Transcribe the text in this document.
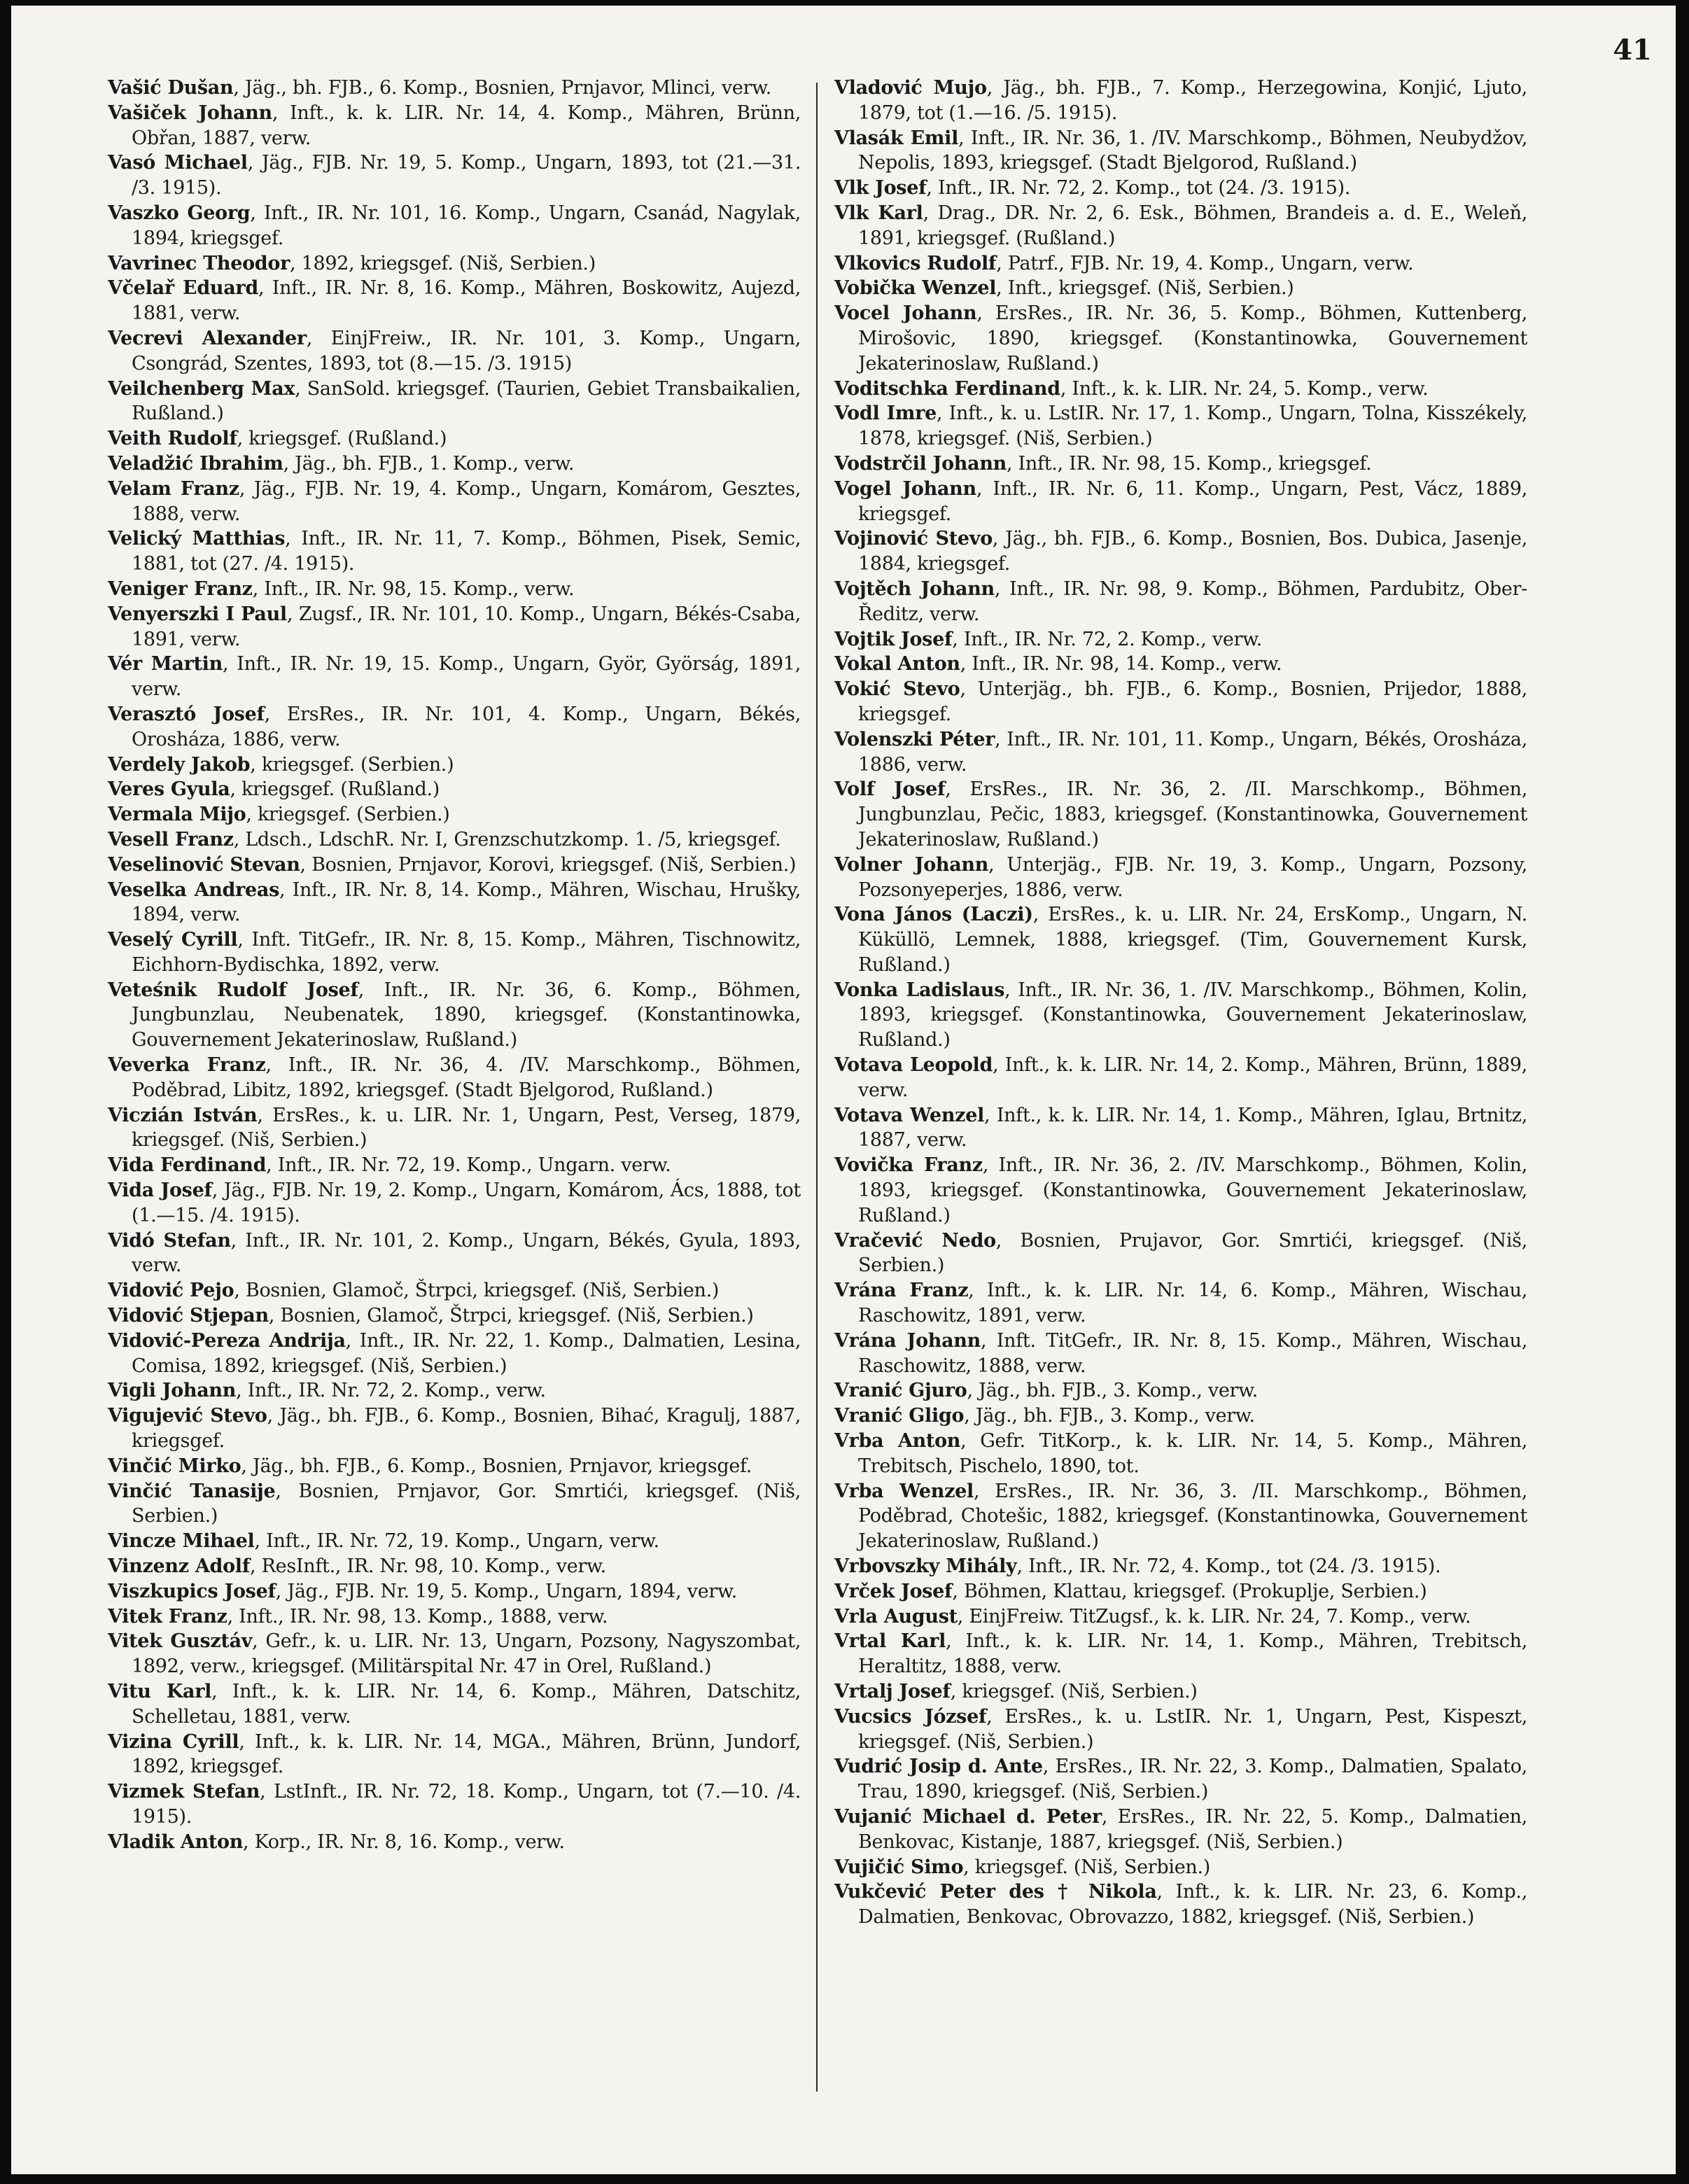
41

Vašić Dušan, Jäg., bh. FJB., 6. Komp., Bosnien, Prnjavor, Mlinci, verw.

Vašiček Johann, Inft., k. k. LIR. Nr. 14, 4. Komp., Mähren, Brünn, Obřan, 1887, verw.

Vasó Michael, Jäg., FJB. Nr. 19, 5. Komp., Ungarn, 1893, tot (21.—31. /3. 1915).

Vaszko Georg, Inft., IR. Nr. 101, 16. Komp., Ungarn, Csanád, Nagylak, 1894, kriegsgef.

Vavrinec Theodor, 1892, kriegsgef. (Niš, Serbien.)

Včelař Eduard, Inft., IR. Nr. 8, 16. Komp., Mähren, Boskowitz, Aujezd, 1881, verw.

Vecrevi Alexander, EinjFreiw., IR. Nr. 101, 3. Komp., Ungarn, Csongrád, Szentes, 1893, tot (8.—15. /3. 1915)

Veilchenberg Max, SanSold. kriegsgef. (Taurien, Gebiet Transbaikalien, Rußland.)

Veith Rudolf, kriegsgef. (Rußland.)

Veladžić Ibrahim, Jäg., bh. FJB., 1. Komp., verw.

Velam Franz, Jäg., FJB. Nr. 19, 4. Komp., Ungarn, Komárom, Gesztes, 1888, verw.

Velický Matthias, Inft., IR. Nr. 11, 7. Komp., Böhmen, Pisek, Semic, 1881, tot (27. /4. 1915).

Veniger Franz, Inft., IR. Nr. 98, 15. Komp., verw.

Venyerszki I Paul, Zugsf., IR. Nr. 101, 10. Komp., Ungarn, Békés-Csaba, 1891, verw.

Vér Martin, Inft., IR. Nr. 19, 15. Komp., Ungarn, Györ, Györság, 1891, verw.

Verasztó Josef, ErsRes., IR. Nr. 101, 4. Komp., Ungarn, Békés, Orosháza, 1886, verw.

Verdely Jakob, kriegsgef. (Serbien.)

Veres Gyula, kriegsgef. (Rußland.)

Vermala Mijo, kriegsgef. (Serbien.)

Vesell Franz, Ldsch., LdschR. Nr. I, Grenzschutzkomp. 1. /5, kriegsgef.

Veselinović Stevan, Bosnien, Prnjavor, Korovi, kriegsgef. (Niš, Serbien.)

Veselka Andreas, Inft., IR. Nr. 8, 14. Komp., Mähren, Wischau, Hrušky, 1894, verw.

Veselý Cyrill, Inft. TitGefr., IR. Nr. 8, 15. Komp., Mähren, Tischnowitz, Eichhorn-Bydischka, 1892, verw.

Veteśnik Rudolf Josef, Inft., IR. Nr. 36, 6. Komp., Böhmen, Jungbunzlau, Neubenatek, 1890, kriegsgef. (Konstantinowka, Gouvernement Jekaterinoslaw, Rußland.)

Veverka Franz, Inft., IR. Nr. 36, 4. /IV. Marschkomp., Böhmen, Poděbrad, Libitz, 1892, kriegsgef. (Stadt Bjelgorod, Rußland.)

Viczián István, ErsRes., k. u. LIR. Nr. 1, Ungarn, Pest, Verseg, 1879, kriegsgef. (Niš, Serbien.)

Vida Ferdinand, Inft., IR. Nr. 72, 19. Komp., Ungarn. verw.

Vida Josef, Jäg., FJB. Nr. 19, 2. Komp., Ungarn, Komárom, Ács, 1888, tot (1.—15. /4. 1915).

Vidó Stefan, Inft., IR. Nr. 101, 2. Komp., Ungarn, Békés, Gyula, 1893, verw.

Vidović Pejo, Bosnien, Glamoč, Štrpci, kriegsgef. (Niš, Serbien.)

Vidović Stjepan, Bosnien, Glamoč, Štrpci, kriegsgef. (Niš, Serbien.)

Vidović-Pereza Andrija, Inft., IR. Nr. 22, 1. Komp., Dalmatien, Lesina, Comisa, 1892, kriegsgef. (Niš, Serbien.)

Vigli Johann, Inft., IR. Nr. 72, 2. Komp., verw.

Vigujević Stevo, Jäg., bh. FJB., 6. Komp., Bosnien, Bihać, Kragulj, 1887, kriegsgef.

Vinčić Mirko, Jäg., bh. FJB., 6. Komp., Bosnien, Prnjavor, kriegsgef.

Vinčić Tanasije, Bosnien, Prnjavor, Gor. Smrtići, kriegsgef. (Niš, Serbien.)

Vincze Mihael, Inft., IR. Nr. 72, 19. Komp., Ungarn, verw.

Vinzenz Adolf, ResInft., IR. Nr. 98, 10. Komp., verw.

Viszkupics Josef, Jäg., FJB. Nr. 19, 5. Komp., Ungarn, 1894, verw.

Vitek Franz, Inft., IR. Nr. 98, 13. Komp., 1888, verw.

Vitek Gusztáv, Gefr., k. u. LIR. Nr. 13, Ungarn, Pozsony, Nagyszombat, 1892, verw., kriegsgef. (Militärspital Nr. 47 in Orel, Rußland.)

Vitu Karl, Inft., k. k. LIR. Nr. 14, 6. Komp., Mähren, Datschitz, Schelletau, 1881, verw.

Vizina Cyrill, Inft., k. k. LIR. Nr. 14, MGA., Mähren, Brünn, Jundorf, 1892, kriegsgef.

Vizmek Stefan, LstInft., IR. Nr. 72, 18. Komp., Ungarn, tot (7.—10. /4. 1915).

Vladik Anton, Korp., IR. Nr. 8, 16. Komp., verw.

Vladović Mujo, Jäg., bh. FJB., 7. Komp., Herzegowina, Konjić, Ljuto, 1879, tot (1.—16. /5. 1915).

Vlasák Emil, Inft., IR. Nr. 36, 1. /IV. Marschkomp., Böhmen, Neubydžov, Nepolis, 1893, kriegsgef. (Stadt Bjelgorod, Rußland.)

Vlk Josef, Inft., IR. Nr. 72, 2. Komp., tot (24. /3. 1915).

Vlk Karl, Drag., DR. Nr. 2, 6. Esk., Böhmen, Brandeis a. d. E., Weleň, 1891, kriegsgef. (Rußland.)

Vlkovics Rudolf, Patrf., FJB. Nr. 19, 4. Komp., Ungarn, verw.

Vobička Wenzel, Inft., kriegsgef. (Niš, Serbien.)

Vocel Johann, ErsRes., IR. Nr. 36, 5. Komp., Böhmen, Kuttenberg, Mirošovic, 1890, kriegsgef. (Konstantinowka, Gouvernement Jekaterinoslaw, Rußland.)

Voditschka Ferdinand, Inft., k. k. LIR. Nr. 24, 5. Komp., verw.

Vodl Imre, Inft., k. u. LstIR. Nr. 17, 1. Komp., Ungarn, Tolna, Kisszékely, 1878, kriegsgef. (Niš, Serbien.)

Vodstrčil Johann, Inft., IR. Nr. 98, 15. Komp., kriegsgef.

Vogel Johann, Inft., IR. Nr. 6, 11. Komp., Ungarn, Pest, Vácz, 1889, kriegsgef.

Vojinović Stevo, Jäg., bh. FJB., 6. Komp., Bosnien, Bos. Dubica, Jasenje, 1884, kriegsgef.

Vojtěch Johann, Inft., IR. Nr. 98, 9. Komp., Böhmen, Pardubitz, Ober-Ředitz, verw.

Vojtik Josef, Inft., IR. Nr. 72, 2. Komp., verw.

Vokal Anton, Inft., IR. Nr. 98, 14. Komp., verw.

Vokić Stevo, Unterjäg., bh. FJB., 6. Komp., Bosnien, Prijedor, 1888, kriegsgef.

Volenszki Péter, Inft., IR. Nr. 101, 11. Komp., Ungarn, Békés, Orosháza, 1886, verw.

Volf Josef, ErsRes., IR. Nr. 36, 2. /II. Marschkomp., Böhmen, Jungbunzlau, Pečic, 1883, kriegsgef. (Konstantinowka, Gouvernement Jekaterinoslaw, Rußland.)

Volner Johann, Unterjäg., FJB. Nr. 19, 3. Komp., Ungarn, Pozsony, Pozsonyeperjes, 1886, verw.

Vona János (Laczi), ErsRes., k. u. LIR. Nr. 24, ErsKomp., Ungarn, N. Küküllö, Lemnek, 1888, kriegsgef. (Tim, Gouvernement Kursk, Rußland.)

Vonka Ladislaus, Inft., IR. Nr. 36, 1. /IV. Marschkomp., Böhmen, Kolin, 1893, kriegsgef. (Konstantinowka, Gouvernement Jekaterinoslaw, Rußland.)

Votava Leopold, Inft., k. k. LIR. Nr. 14, 2. Komp., Mähren, Brünn, 1889, verw.

Votava Wenzel, Inft., k. k. LIR. Nr. 14, 1. Komp., Mähren, Iglau, Brtnitz, 1887, verw.

Vovička Franz, Inft., IR. Nr. 36, 2. /IV. Marschkomp., Böhmen, Kolin, 1893, kriegsgef. (Konstantinowka, Gouvernement Jekaterinoslaw, Rußland.)

Vračević Nedo, Bosnien, Prujavor, Gor. Smrtići, kriegsgef. (Niš, Serbien.)

Vrána Franz, Inft., k. k. LIR. Nr. 14, 6. Komp., Mähren, Wischau, Raschowitz, 1891, verw.

Vrána Johann, Inft. TitGefr., IR. Nr. 8, 15. Komp., Mähren, Wischau, Raschowitz, 1888, verw.

Vranić Gjuro, Jäg., bh. FJB., 3. Komp., verw.

Vranić Gligo, Jäg., bh. FJB., 3. Komp., verw.

Vrba Anton, Gefr. TitKorp., k. k. LIR. Nr. 14, 5. Komp., Mähren, Trebitsch, Pischelo, 1890, tot.

Vrba Wenzel, ErsRes., IR. Nr. 36, 3. /II. Marschkomp., Böhmen, Poděbrad, Chotešic, 1882, kriegsgef. (Konstantinowka, Gouvernement Jekaterinoslaw, Rußland.)

Vrbovszky Mihály, Inft., IR. Nr. 72, 4. Komp., tot (24. /3. 1915).

Vrček Josef, Böhmen, Klattau, kriegsgef. (Prokuplje, Serbien.)

Vrla August, EinjFreiw. TitZugsf., k. k. LIR. Nr. 24, 7. Komp., verw.

Vrtal Karl, Inft., k. k. LIR. Nr. 14, 1. Komp., Mähren, Trebitsch, Heraltitz, 1888, verw.

Vrtalj Josef, kriegsgef. (Niš, Serbien.)

Vucsics József, ErsRes., k. u. LstIR. Nr. 1, Ungarn, Pest, Kispeszt, kriegsgef. (Niš, Serbien.)

Vudrić Josip d. Ante, ErsRes., IR. Nr. 22, 3. Komp., Dalmatien, Spalato, Trau, 1890, kriegsgef. (Niš, Serbien.)

Vujanić Michael d. Peter, ErsRes., IR. Nr. 22, 5. Komp., Dalmatien, Benkovac, Kistanje, 1887, kriegsgef. (Niš, Serbien.)

Vujičić Simo, kriegsgef. (Niš, Serbien.)

Vukčević Peter des † Nikola, Inft., k. k. LIR. Nr. 23, 6. Komp., Dalmatien, Benkovac, Obrovazzo, 1882, kriegsgef. (Niš, Serbien.)
